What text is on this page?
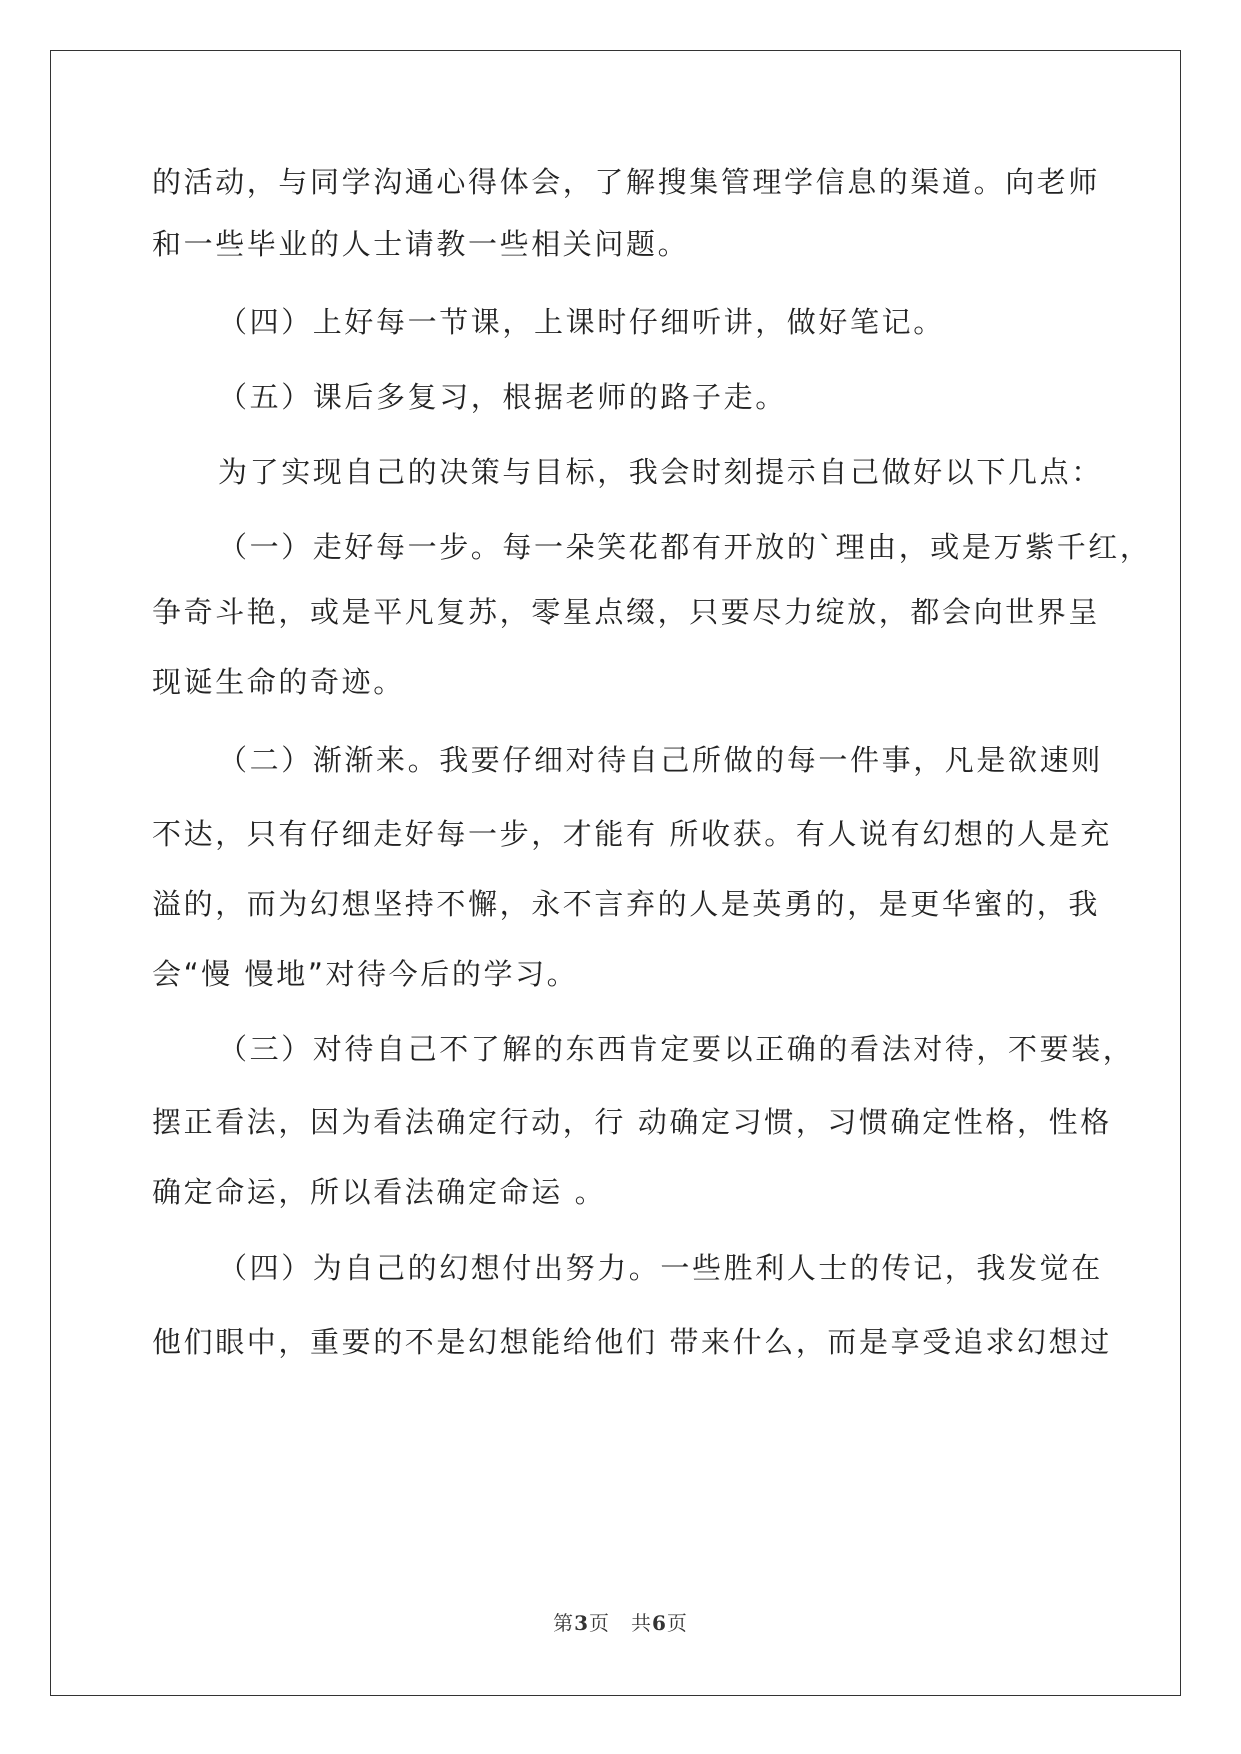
的活动，与同学沟通心得体会，了解搜集管理学信息的渠道。向老师
和一些毕业的人士请教一些相关问题。
（四）上好每一节课，上课时仔细听讲，做好笔记。
（五）课后多复习，根据老师的路子走。
为了实现自己的决策与目标，我会时刻提示自己做好以下几点：
（一）走好每一步。每一朵笑花都有开放的`理由，或是万紫千红，
争奇斗艳，或是平凡复苏，零星点缀，只要尽力绽放，都会向世界呈
现诞生命的奇迹。
（二）渐渐来。我要仔细对待自己所做的每一件事，凡是欲速则
不达，只有仔细走好每一步，才能有 所收获。有人说有幻想的人是充
溢的，而为幻想坚持不懈，永不言弃的人是英勇的，是更华蜜的，我
会“慢 慢地”对待今后的学习。
（三）对待自己不了解的东西肯定要以正确的看法对待，不要装，
摆正看法，因为看法确定行动，行 动确定习惯，习惯确定性格，性格
确定命运，所以看法确定命运 。
（四）为自己的幻想付出努力。一些胜利人士的传记，我发觉在
他们眼中，重要的不是幻想能给他们 带来什么，而是享受追求幻想过
第3页　共6页
